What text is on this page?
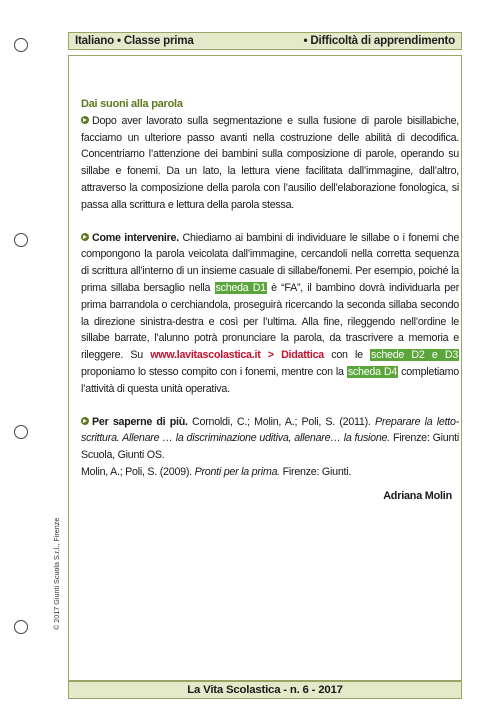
Italiano • Classe prima	• Difficoltà di apprendimento
© 2017 Giunti Scuola S.r.l., Firenze
Dai suoni alla parola

Dopo aver lavorato sulla segmentazione e sulla fusione di parole bisillabiche, facciamo un ulteriore passo avanti nella costruzione delle abilità di decodifica. Concentriamo l’attenzione dei bambini sulla composizione di parole, operando su sillabe e fonemi. Da un lato, la lettura viene facilitata dall’immagine, dall’altro, attraverso la composizione della parola con l’ausilio dell’elaborazione fonologica, si passa alla scrittura e lettura della parola stessa.

Come intervenire. Chiediamo ai bambini di individuare le sillabe o i fonemi che compongono la parola veicolata dall’immagine, cercandoli nella corretta sequenza di scrittura all’interno di un insieme casuale di sillabe/fonemi. Per esempio, poiché la prima sillaba bersaglio nella scheda D1 è “FA”, il bambino dovrà individuarla per prima barrandola o cerchiandola, proseguirà ricercando la seconda sillaba secondo la direzione sinistra-destra e così per l’ultima. Alla fine, rileggendo nell’ordine le sillabe barrate, l’alunno potrà pronunciare la parola, da trascrivere a memoria e rileggere. Su www.lavitascolastica.it > Didattica con le schede D2 e D3 proponiamo lo stesso compito con i fonemi, mentre con la scheda D4 completiamo l’attività di questa unità operativa.

Per saperne di più. Cornoldi, C.; Molin, A.; Poli, S. (2011). Preparare la letto-scrittura. Allenare … la discriminazione uditiva, allenare… la fusione. Firenze: Giunti Scuola, Giunti OS.

Molin, A.; Poli, S. (2009). Pronti per la prima. Firenze: Giunti.

Adriana Molin
La Vita Scolastica - n. 6 - 2017
